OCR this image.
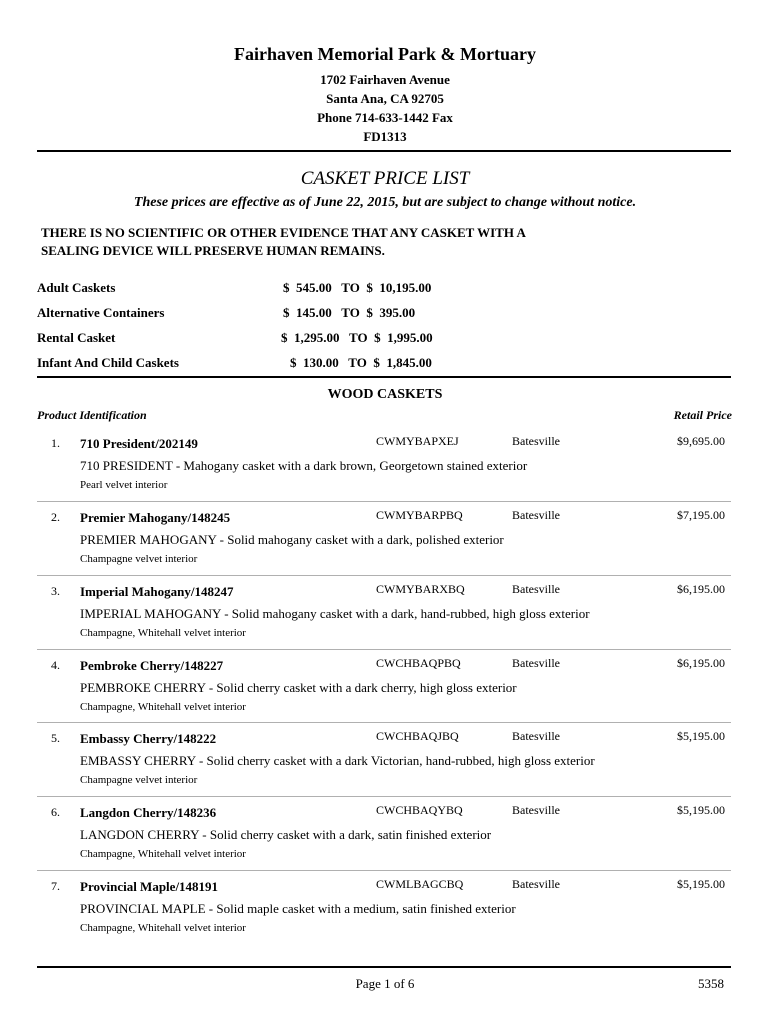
Fairhaven Memorial Park & Mortuary
1702 Fairhaven Avenue
Santa Ana, CA 92705
Phone 714-633-1442 Fax
FD1313
CASKET PRICE LIST
These prices are effective as of June 22, 2015, but are subject to change without notice.
THERE IS NO SCIENTIFIC OR OTHER EVIDENCE THAT ANY CASKET WITH A
SEALING DEVICE WILL PRESERVE HUMAN REMAINS.
Adult Caskets	$  545.00   TO  $  10,195.00
Alternative Containers	$  145.00   TO  $  395.00
Rental Casket	$  1,295.00   TO  $  1,995.00
Infant And Child Caskets	$  130.00   TO  $  1,845.00
WOOD CASKETS
Product Identification	Retail Price
1. 710 President/202149	CWMYBAPXEJ	Batesville	$9,695.00
710 PRESIDENT - Mahogany casket with a dark brown, Georgetown stained exterior
Pearl velvet interior
2. Premier Mahogany/148245	CWMYBARPBQ	Batesville	$7,195.00
PREMIER MAHOGANY - Solid mahogany casket with a dark, polished exterior
Champagne velvet interior
3. Imperial Mahogany/148247	CWMYBARXBQ	Batesville	$6,195.00
IMPERIAL MAHOGANY - Solid mahogany casket with a dark, hand-rubbed, high gloss exterior
Champagne, Whitehall velvet interior
4. Pembroke Cherry/148227	CWCHBAQPBQ	Batesville	$6,195.00
PEMBROKE CHERRY - Solid cherry casket with a dark cherry, high gloss exterior
Champagne, Whitehall velvet interior
5. Embassy Cherry/148222	CWCHBAQJBQ	Batesville	$5,195.00
EMBASSY CHERRY - Solid cherry casket with a dark Victorian, hand-rubbed, high gloss exterior
Champagne velvet interior
6. Langdon Cherry/148236	CWCHBAQYBQ	Batesville	$5,195.00
LANGDON CHERRY - Solid cherry casket with a dark, satin finished exterior
Champagne, Whitehall velvet interior
7. Provincial Maple/148191	CWMLBAGCBQ	Batesville	$5,195.00
PROVINCIAL MAPLE - Solid maple casket with a medium, satin finished exterior
Champagne, Whitehall velvet interior
Page 1 of 6	5358
